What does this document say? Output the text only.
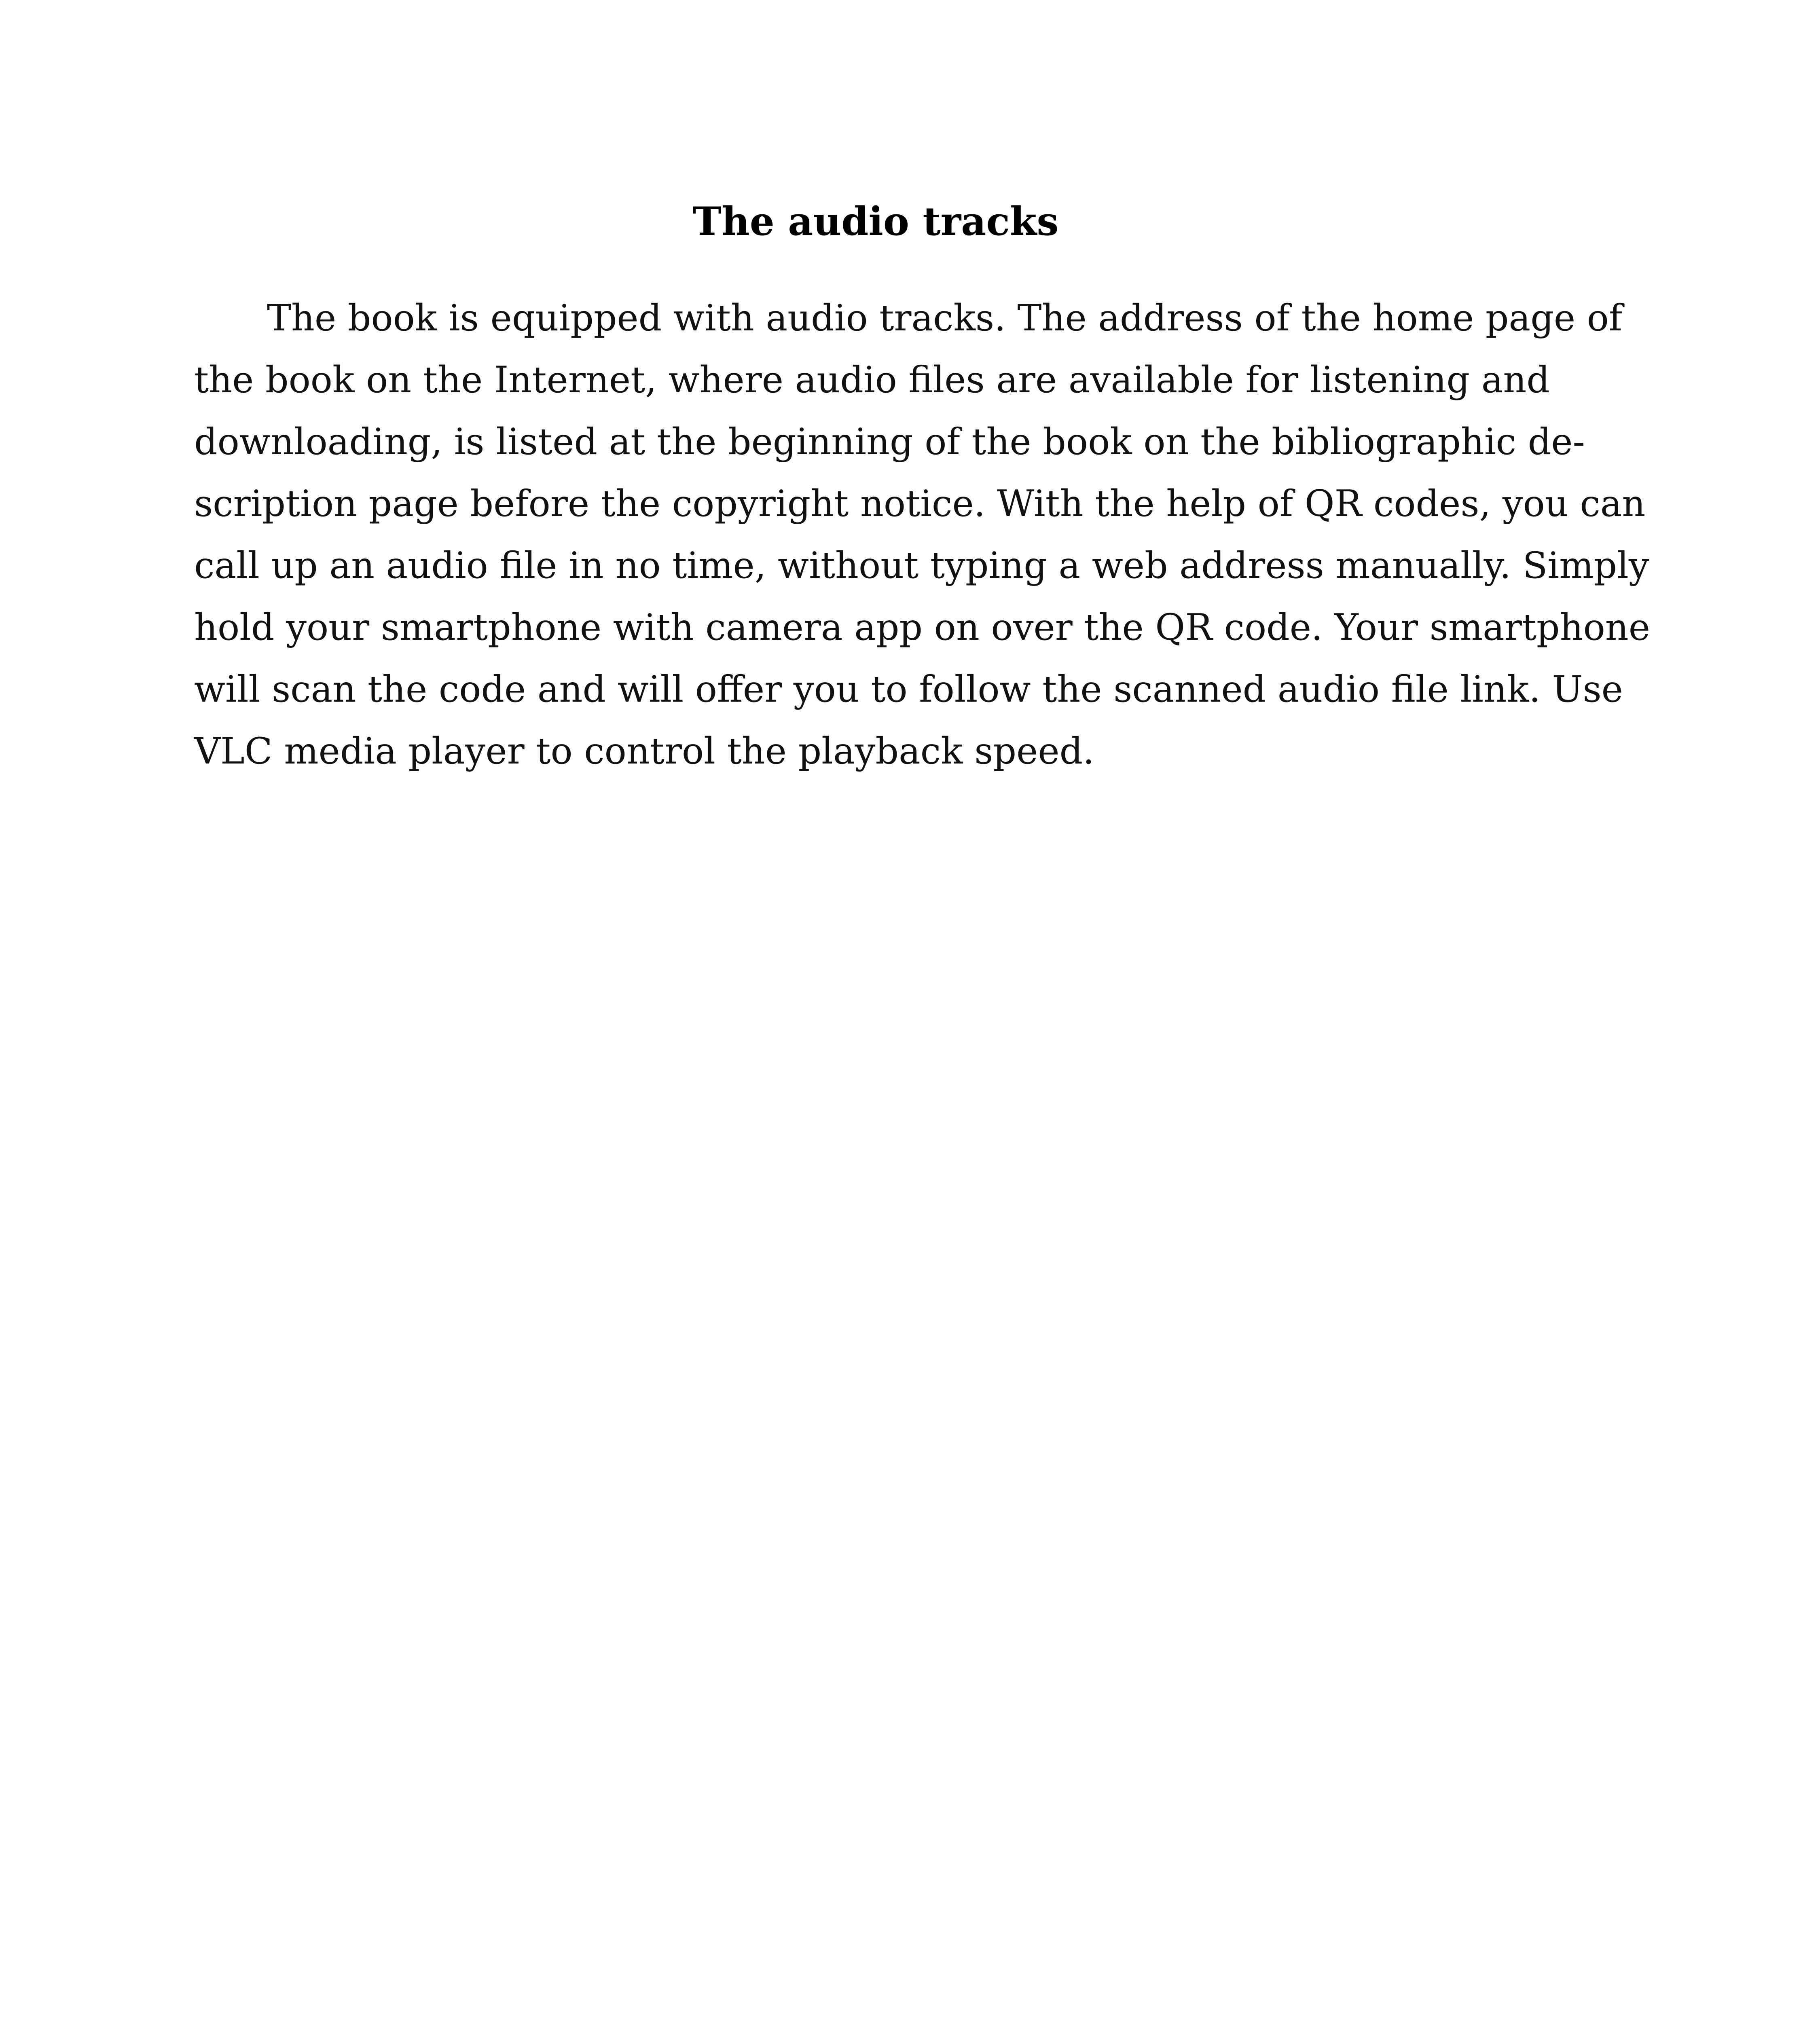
The audio tracks
The book is equipped with audio tracks. The address of the home page of
the book on the Internet, where audio files are available for listening and
downloading, is listed at the beginning of the book on the bibliographic de-
scription page before the copyright notice. With the help of QR codes, you can
call up an audio file in no time, without typing a web address manually. Simply
hold your smartphone with camera app on over the QR code. Your smartphone
will scan the code and will offer you to follow the scanned audio file link. Use
VLC media player to control the playback speed.
